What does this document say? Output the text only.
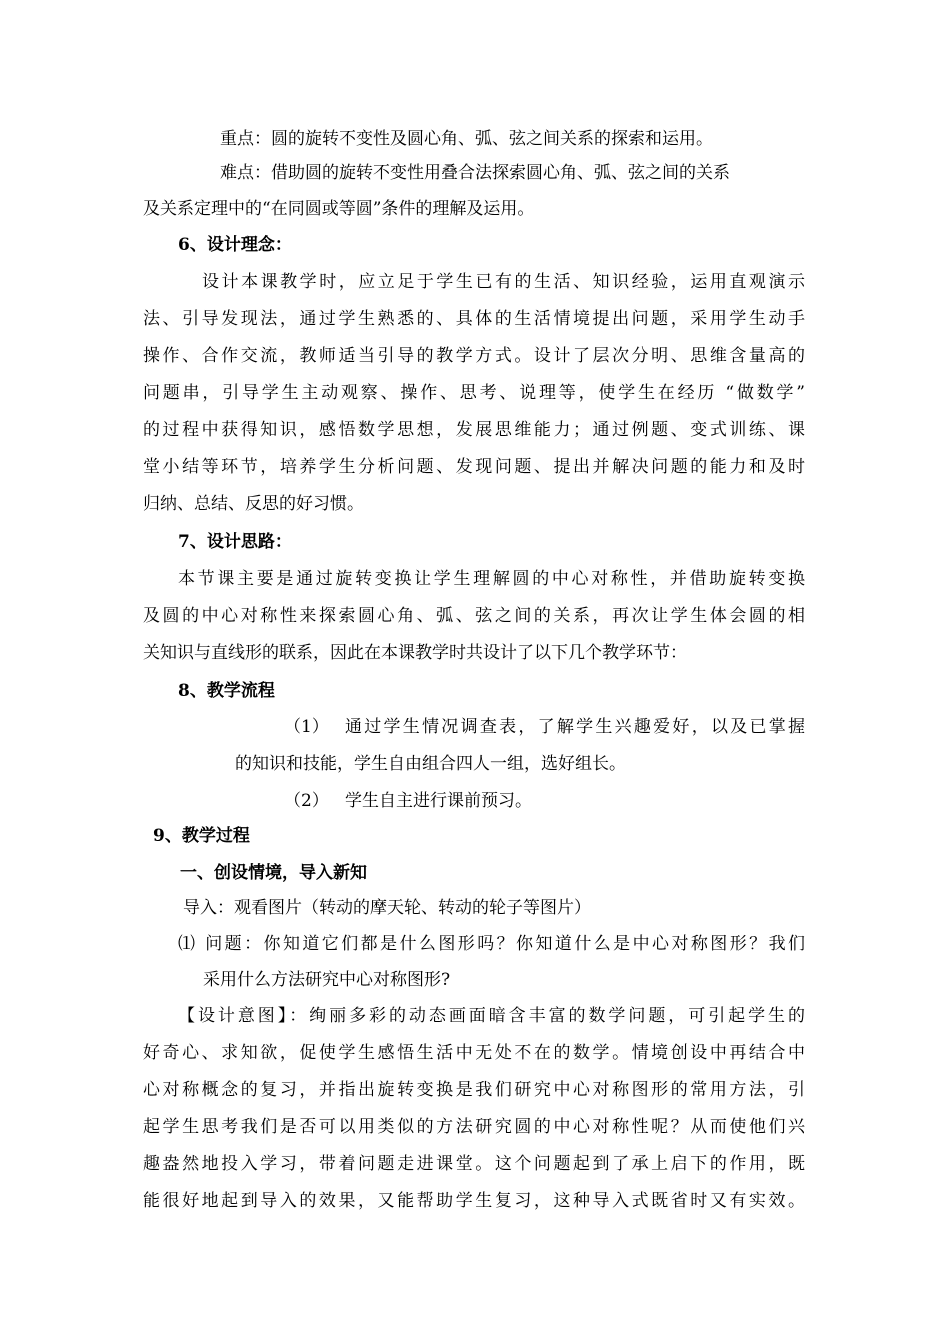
重点：圆的旋转不变性及圆心角、弧、弦之间关系的探索和运用。
难点：借助圆的旋转不变性用叠合法探索圆心角、弧、弦之间的关系
及关系定理中的“在同圆或等圆”条件的理解及运用。
6、设计理念：
设计本课教学时，应立足于学生已有的生活、知识经验，运用直观演示
法、引导发现法，通过学生熟悉的、具体的生活情境提出问题，采用学生动手
操作、合作交流，教师适当引导的教学方式。设计了层次分明、思维含量高的
问题串，引导学生主动观察、操作、思考、说理等，使学生在经历 “做数学”
的过程中获得知识，感悟数学思想，发展思维能力；通过例题、变式训练、课
堂小结等环节，培养学生分析问题、发现问题、提出并解决问题的能力和及时
归纳、总结、反思的好习惯。
7、设计思路：
本节课主要是通过旋转变换让学生理解圆的中心对称性，并借助旋转变换
及圆的中心对称性来探索圆心角、弧、弦之间的关系，再次让学生体会圆的相
关知识与直线形的联系，因此在本课教学时共设计了以下几个教学环节：
8、教学流程
（1） 通过学生情况调查表，了解学生兴趣爱好，以及已掌握
的知识和技能，学生自由组合四人一组，选好组长。
（2） 学生自主进行课前预习。
9、教学过程
一、创设情境，导入新知
导入：观看图片（转动的摩天轮、转动的轮子等图片）
⑴ 问题：你知道它们都是什么图形吗？你知道什么是中心对称图形？我们
采用什么方法研究中心对称图形?
【设计意图】：绚丽多彩的动态画面暗含丰富的数学问题，可引起学生的
好奇心、求知欲，促使学生感悟生活中无处不在的数学。情境创设中再结合中
心对称概念的复习，并指出旋转变换是我们研究中心对称图形的常用方法，引
起学生思考我们是否可以用类似的方法研究圆的中心对称性呢？从而使他们兴
趣盎然地投入学习，带着问题走进课堂。这个问题起到了承上启下的作用，既
能很好地起到导入的效果，又能帮助学生复习，这种导入式既省时又有实效。
